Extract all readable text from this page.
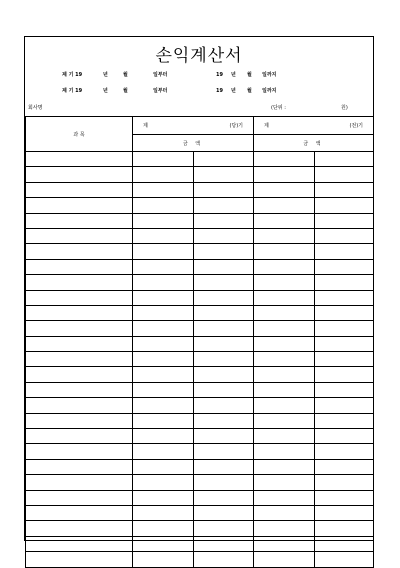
손익계산서
제 기 19	년	월	일부터	19 년 월 일까지
제 기 19	년	월	일부터	19 년 월 일까지
회사명	(단위 :	원)
과 목	제 (당)기		제 (전)기	

	금 액		금 액	
